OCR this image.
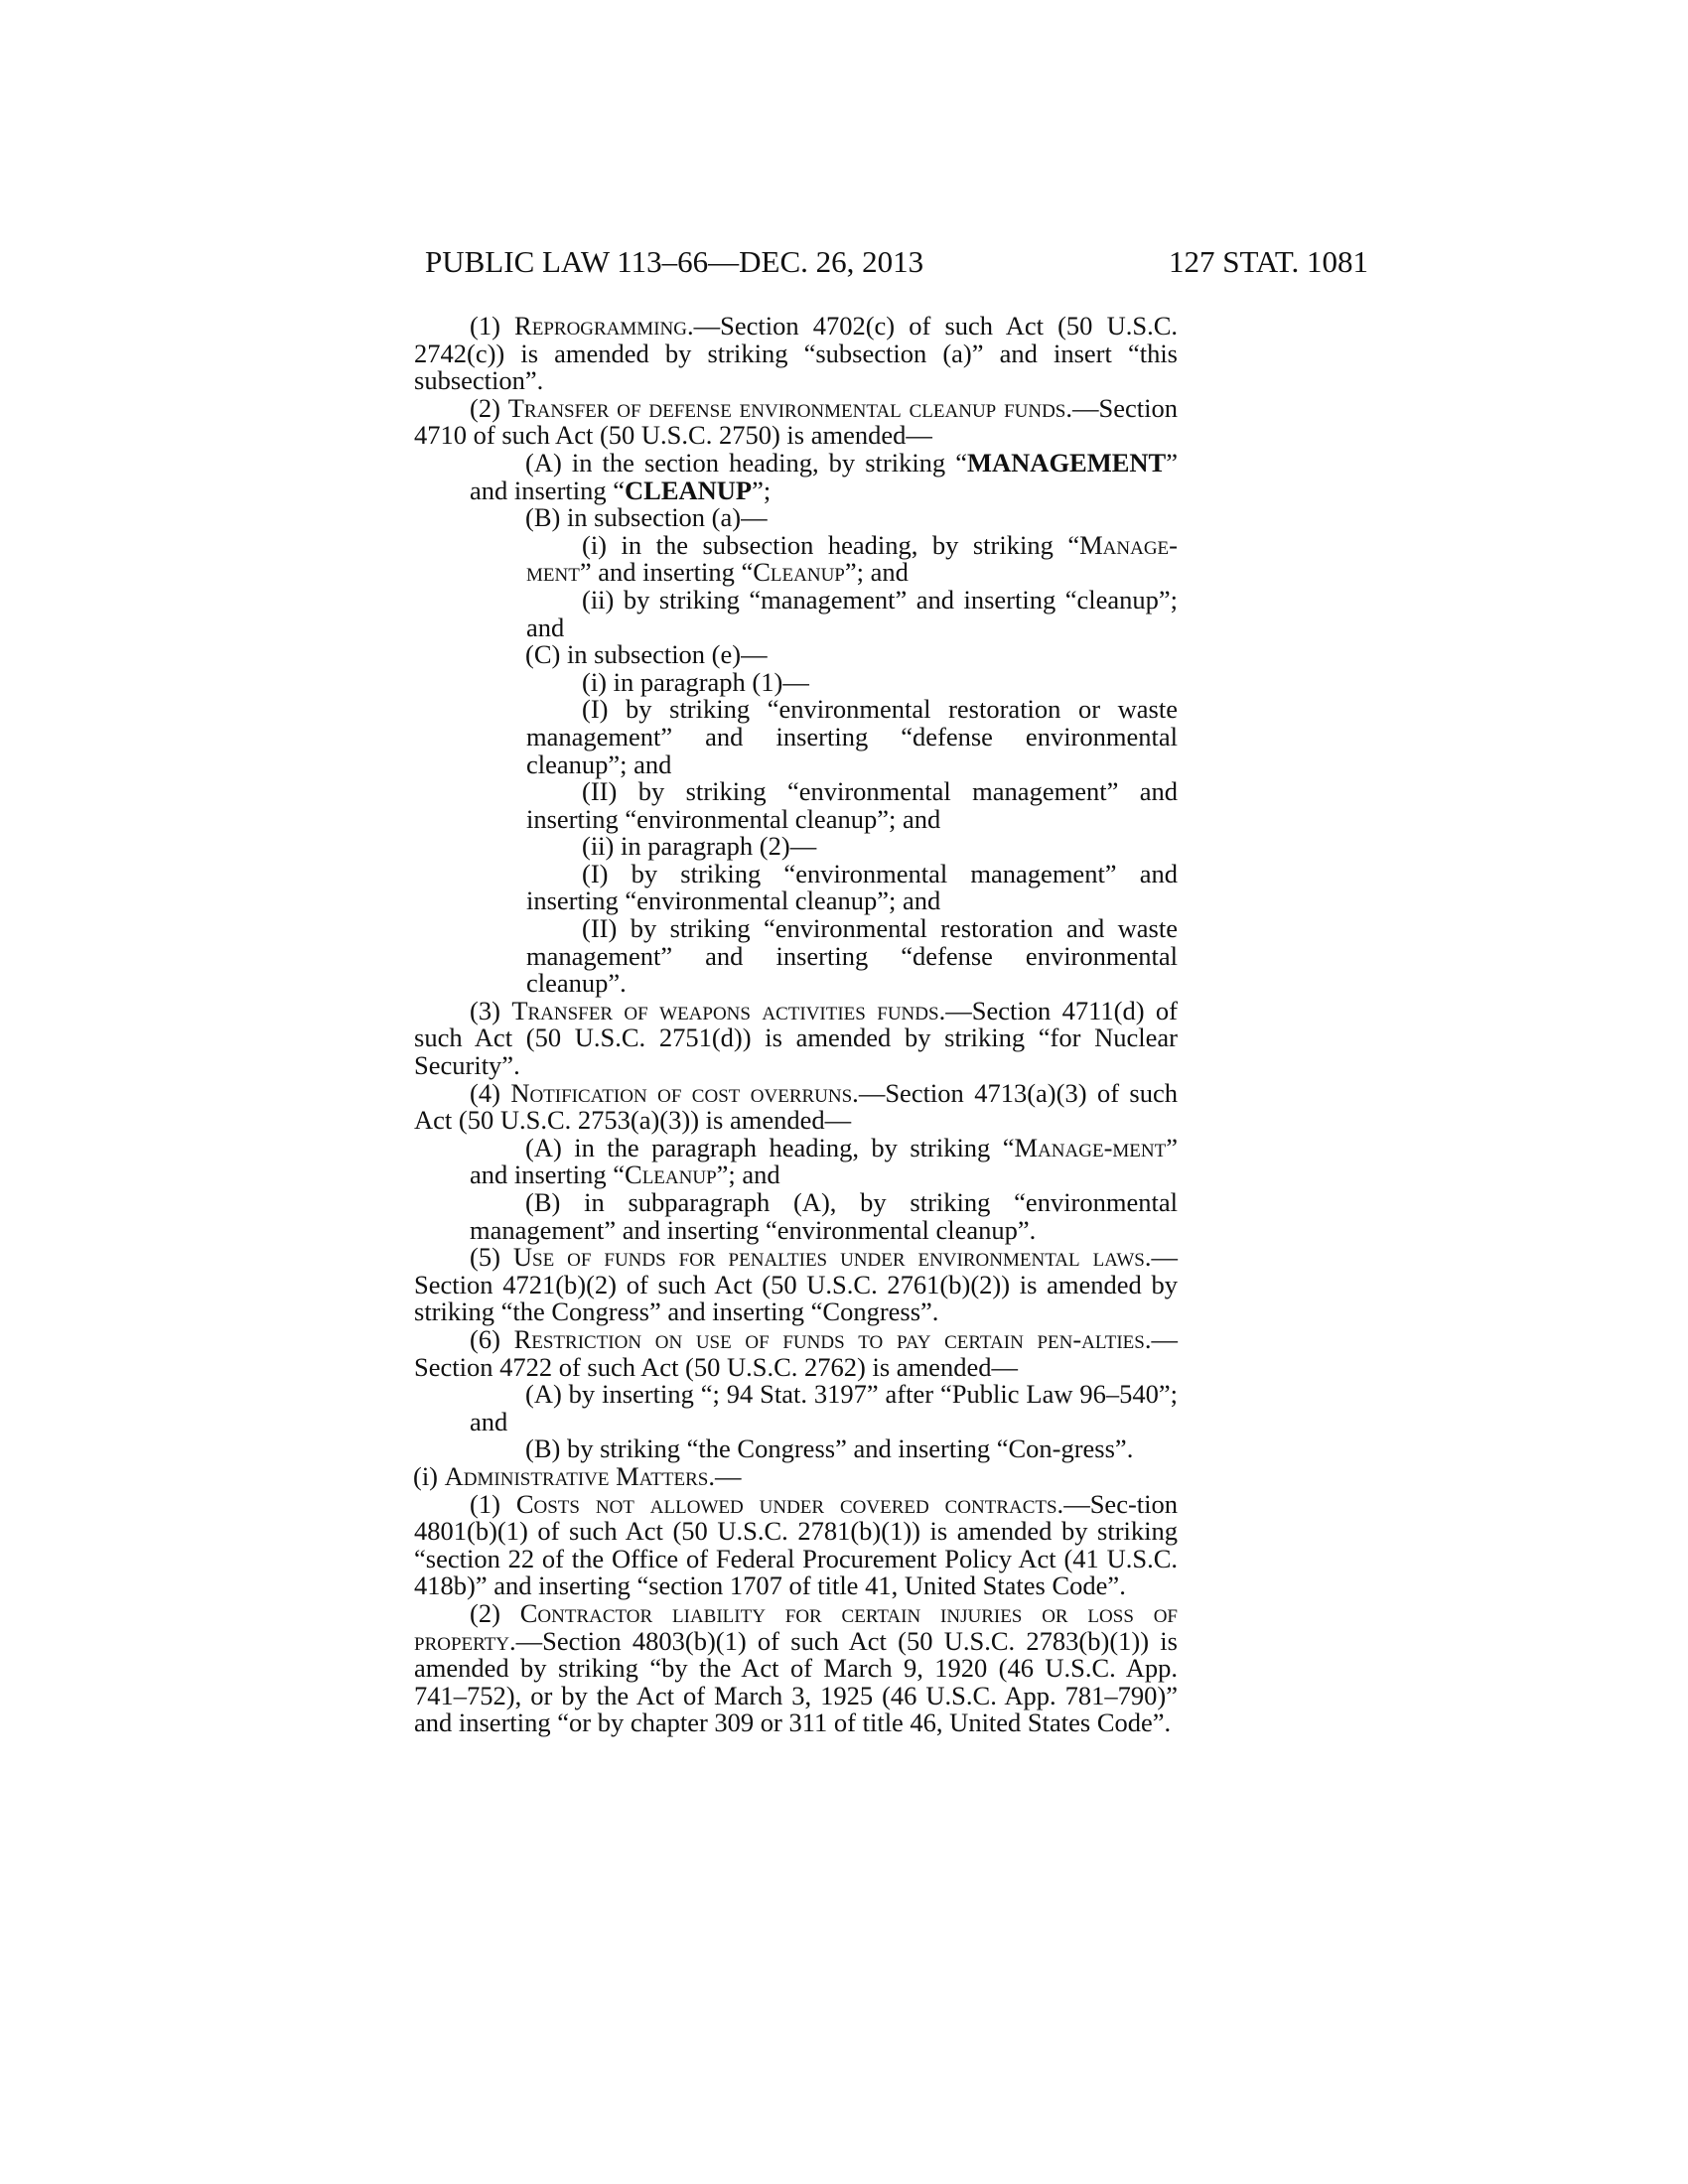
PUBLIC LAW 113–66—DEC. 26, 2013	127 STAT. 1081

(1) Reprogramming.—Section 4702(c) of such Act (50 U.S.C. 2742(c)) is amended by striking “subsection (a)” and insert “this subsection”.

(2) Transfer of defense environmental cleanup funds.—Section 4710 of such Act (50 U.S.C. 2750) is amended—

(A) in the section heading, by striking “MANAGEMENT” and inserting “CLEANUP”;

(B) in subsection (a)—

(i) in the subsection heading, by striking “Manage-ment” and inserting “Cleanup”; and

(ii) by striking “management” and inserting “cleanup”; and

(C) in subsection (e)—

(i) in paragraph (1)—

(I) by striking “environmental restoration or waste management” and inserting “defense environmental cleanup”; and

(II) by striking “environmental management” and inserting “environmental cleanup”; and

(ii) in paragraph (2)—

(I) by striking “environmental management” and inserting “environmental cleanup”; and

(II) by striking “environmental restoration and waste management” and inserting “defense environmental cleanup”.

(3) Transfer of weapons activities funds.—Section 4711(d) of such Act (50 U.S.C. 2751(d)) is amended by striking “for Nuclear Security”.

(4) Notification of cost overruns.—Section 4713(a)(3) of such Act (50 U.S.C. 2753(a)(3)) is amended—

(A) in the paragraph heading, by striking “Manage-ment” and inserting “Cleanup”; and

(B) in subparagraph (A), by striking “environmental management” and inserting “environmental cleanup”.

(5) Use of funds for penalties under environmental laws.—Section 4721(b)(2) of such Act (50 U.S.C. 2761(b)(2)) is amended by striking “the Congress” and inserting “Congress”.

(6) Restriction on use of funds to pay certain pen-alties.—Section 4722 of such Act (50 U.S.C. 2762) is amended—

(A) by inserting “; 94 Stat. 3197” after “Public Law 96–540”; and

(B) by striking “the Congress” and inserting “Con-gress”.

(i) Administrative Matters.—

(1) Costs not allowed under covered contracts.—Sec-tion 4801(b)(1) of such Act (50 U.S.C. 2781(b)(1)) is amended by striking “section 22 of the Office of Federal Procurement Policy Act (41 U.S.C. 418b)” and inserting “section 1707 of title 41, United States Code”.

(2) Contractor liability for certain injuries or loss of property.—Section 4803(b)(1) of such Act (50 U.S.C. 2783(b)(1)) is amended by striking “by the Act of March 9, 1920 (46 U.S.C. App. 741–752), or by the Act of March 3, 1925 (46 U.S.C. App. 781–790)” and inserting “or by chapter 309 or 311 of title 46, United States Code”.
